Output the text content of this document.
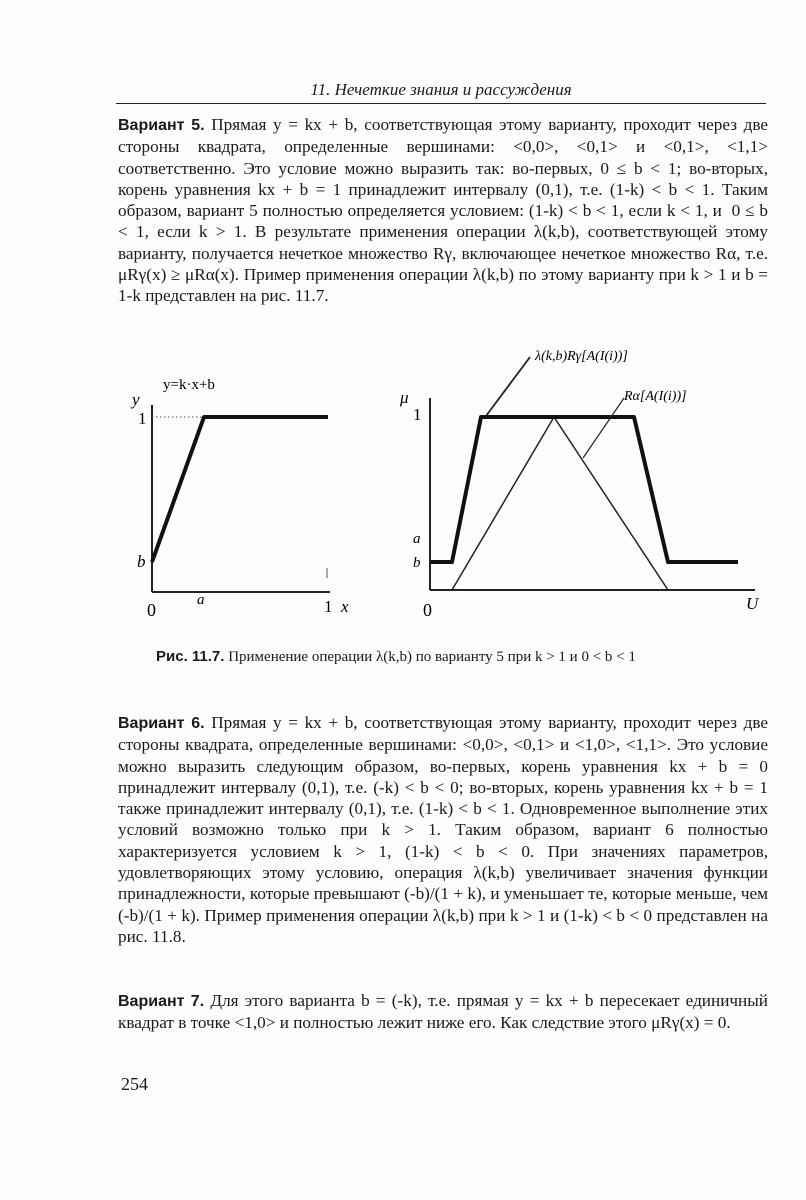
11. Нечеткие знания и рассуждения

Вариант 5. Прямая y = kx + b, соответствующая этому варианту, проходит через две стороны квадрата, определенные вершинами: <0,0>, <0,1> и <0,1>, <1,1> соответственно. Это условие можно выразить так: во-первых, 0 ≤ b < 1; во-вторых, корень уравнения kx + b = 1 принадлежит интервалу (0,1), т.е. (1-k) < b < 1. Таким образом, вариант 5 полностью определяется условием: (1-k) < b < 1, если k < 1, и  0 ≤ b < 1, если k > 1. В результате применения операции λ(k,b), соответствующей этому варианту, получается нечеткое множество Rγ, включающее нечеткое множество Rα, т.е. μRγ(x) ≥ μRα(x). Пример применения операции λ(k,b) по этому варианту при k > 1 и b = 1-k представлен на рис. 11.7.

y=k·x+b
y
1
b
0	a	1 x
μ
1
a
b
0	U
λ(k,b)Rγ[A(I(i))]
Rα[A(I(i))]
Рис. 11.7. Применение операции λ(k,b) по варианту 5 при k > 1 и 0 < b < 1

Вариант 6. Прямая y = kx + b, соответствующая этому варианту, проходит через две стороны квадрата, определенные вершинами: <0,0>, <0,1> и <1,0>, <1,1>. Это условие можно выразить следующим образом, во-первых, корень уравнения kx + b = 0 принадлежит интервалу (0,1), т.е. (-k) < b < 0; во-вторых, корень уравнения kx + b = 1 также принадлежит интервалу (0,1), т.е. (1-k) < b < 1. Одновременное выполнение этих условий возможно только при k > 1. Таким образом, вариант 6 полностью характеризуется условием k > 1, (1-k) < b < 0. При значениях параметров, удовлетворяющих этому условию, операция λ(k,b) увеличивает значения функции принадлежности, которые превышают (-b)/(1 + k), и уменьшает те, которые меньше, чем (-b)/(1 + k). Пример применения операции λ(k,b) при k > 1 и (1-k) < b < 0 представлен на рис. 11.8.

Вариант 7. Для этого варианта b = (-k), т.е. прямая y = kx + b пересекает единичный квадрат в точке <1,0> и полностью лежит ниже его. Как следствие этого μRγ(x) = 0.

254
